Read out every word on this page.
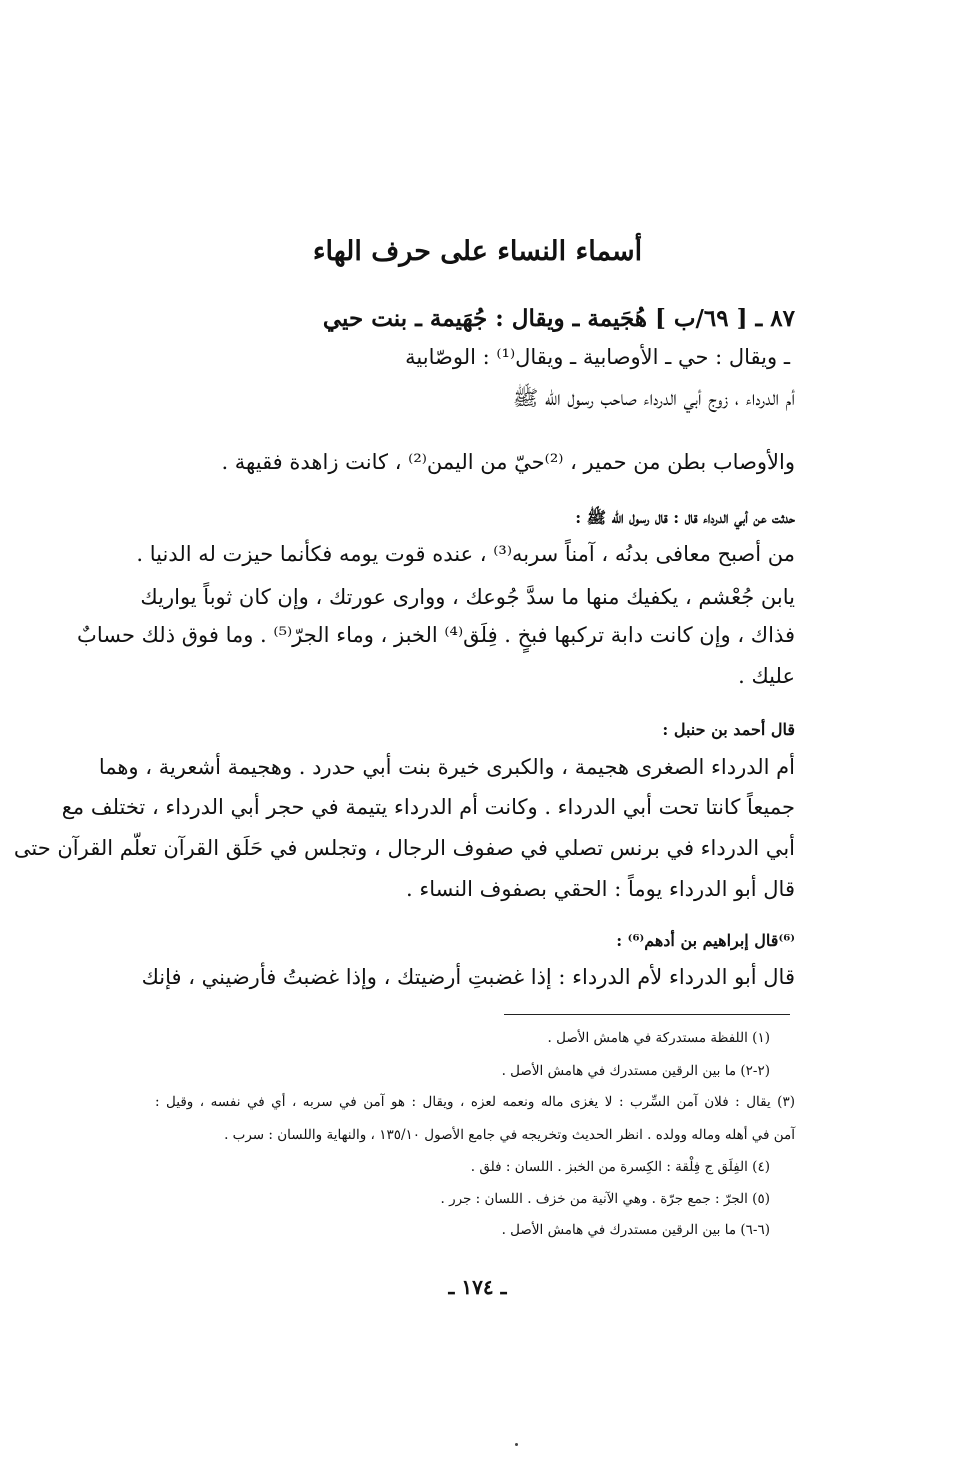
أسماء النساء على حرف الهاء

٨٧ ـ [ ٦٩/ب ] هُجَيمة ـ ويقال : جُهَيمة ـ بنت حيي

ـ ويقال : حي ـ الأوصابية ـ ويقال⁽¹⁾ : الوصّابية

أم الدرداء ، زوج أبي الدرداء صاحب رسول الله ﷺ

والأوصاب بطن من حمير ، ⁽²⁾حيّ من اليمن⁽²⁾ ، كانت زاهدة فقيهة .

حدثت عن أبي الدرداء قال : قال رسول الله ﷺ :

من أصبح معافى بدنُه ، آمناً سربه⁽³⁾ ، عنده قوت يومه فكأنما حيزت له الدنيا .

يابن جُعْشم ، يكفيك منها ما سدَّ جُوعك ، ووارى عورتك ، وإن كان ثوباً يواريك

فذاك ، وإن كانت دابة تركبها فبخٍ . فِلَق⁽⁴⁾ الخبز ، وماء الجرّ⁽⁵⁾ . وما فوق ذلك حسابٌ

عليك .

قال أحمد بن حنبل :

أم الدرداء الصغرى هجيمة ، والكبرى خيرة بنت أبي حدرد . وهجيمة أشعرية ، وهما

جميعاً كانتا تحت أبي الدرداء . وكانت أم الدرداء يتيمة في حجر أبي الدرداء ، تختلف مع

أبي الدرداء في برنس تصلي في صفوف الرجال ، وتجلس في حَلَق القرآن تعلّم القرآن حتى

قال أبو الدرداء يوماً : الحقي بصفوف النساء .

⁽⁶⁾قال إبراهيم بن أدهم⁽⁶⁾ :

قال أبو الدرداء لأم الدرداء : إذا غضبتِ أرضيتك ، وإذا غضبتُ فأرضيني ، فإنك

(١) اللفظة مستدركة في هامش الأصل .

(٢-٢) ما بين الرقين مستدرك في هامش الأصل .

(٣) يقال : فلان آمن السِّرب : لا يغزى ماله ونعمه لعزه ، ويقال : هو آمن في سربه ، أي في نفسه ، وقيل :

آمن في أهله وماله وولده . انظر الحديث وتخريجه في جامع الأصول ١٣٥/١٠ ، والنهاية واللسان : سرب .

(٤) الفِلَق ج فِلْقة : الكِسرة من الخبز . اللسان : فلق .

(٥) الجرّ : جمع جرّة . وهي الآنية من خزف . اللسان : جرر .

(٦-٦) ما بين الرقين مستدرك في هامش الأصل .

ـ ١٧٤ ـ
